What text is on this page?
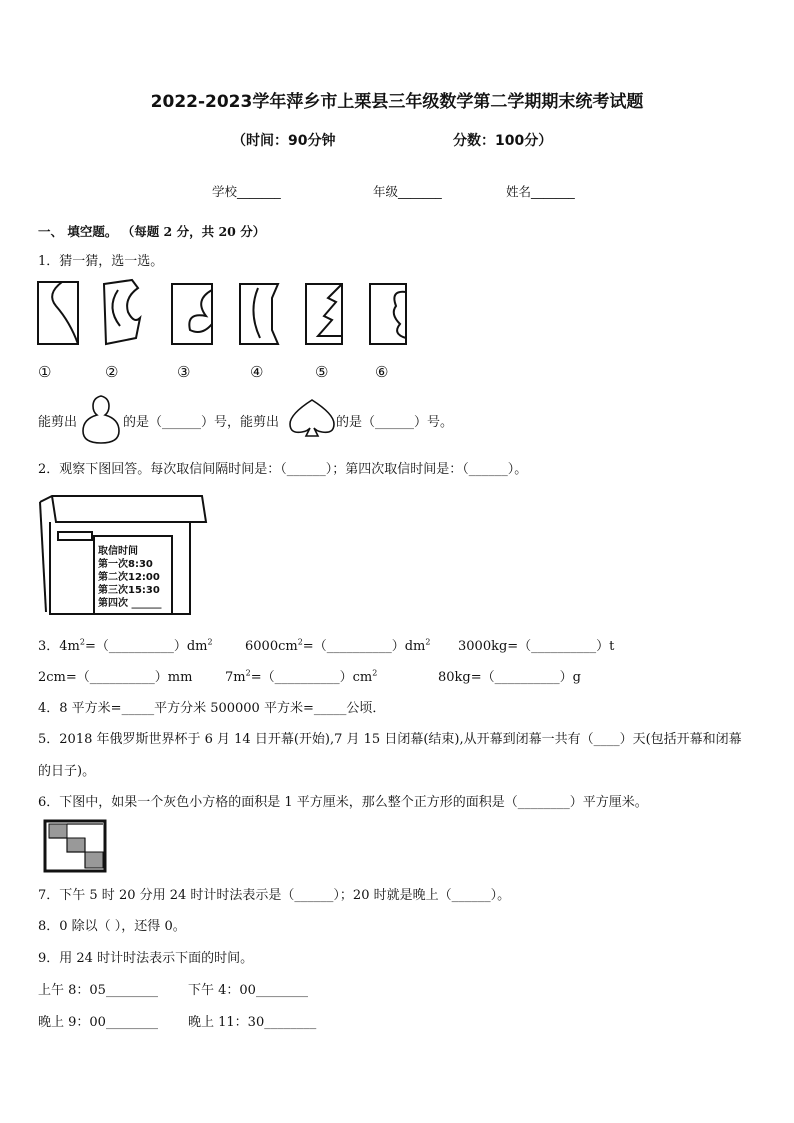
2022-2023学年萍乡市上栗县三年级数学第二学期期末统考试题
（时间：90分钟	分数：100分）
学校_______	年级_______	姓名_______
一、 填空题。 （每题 2 分，共 20 分）
1．猜一猜，选一选。
①	②	③	④	⑤	⑥
能剪出	的是（______）号，能剪出	的是（______）号。
2．观察下图回答。每次取信间隔时间是：（______）；第四次取信时间是：（______）。
取信时间
第一次8:30
第二次12:00
第三次15:30
第四次 ______
3．$4m^2=(\_\_\_\_\_\_\_\_\_\_)dm^2$ $6000cm^2=(\_\_\_\_\_\_\_\_\_\_)dm^2$ 3000kg=（__________）t
2cm=（__________）mm	$7m^2=(\_\_\_\_\_\_\_\_\_\_)cm^2$	80kg=（__________）g
4．8 平方米=_____平方分米 500000 平方米=_____公顷．
5．2018 年俄罗斯世界杯于 6 月 14 日开幕(开始),7 月 15 日闭幕(结束),从开幕到闭幕一共有（____）天(包括开幕和闭幕
的日子)。
6．下图中，如果一个灰色小方格的面积是 1 平方厘米，那么整个正方形的面积是（________）平方厘米。
7．下午 5 时 20 分用 24 时计时法表示是（______）；20 时就是晚上（______）。
8．0 除以（ ），还得 0。
9．用 24 时计时法表示下面的时间。
上午 8：05________ 下午 4：00________
晚上 9：00________ 晚上 11：30________
